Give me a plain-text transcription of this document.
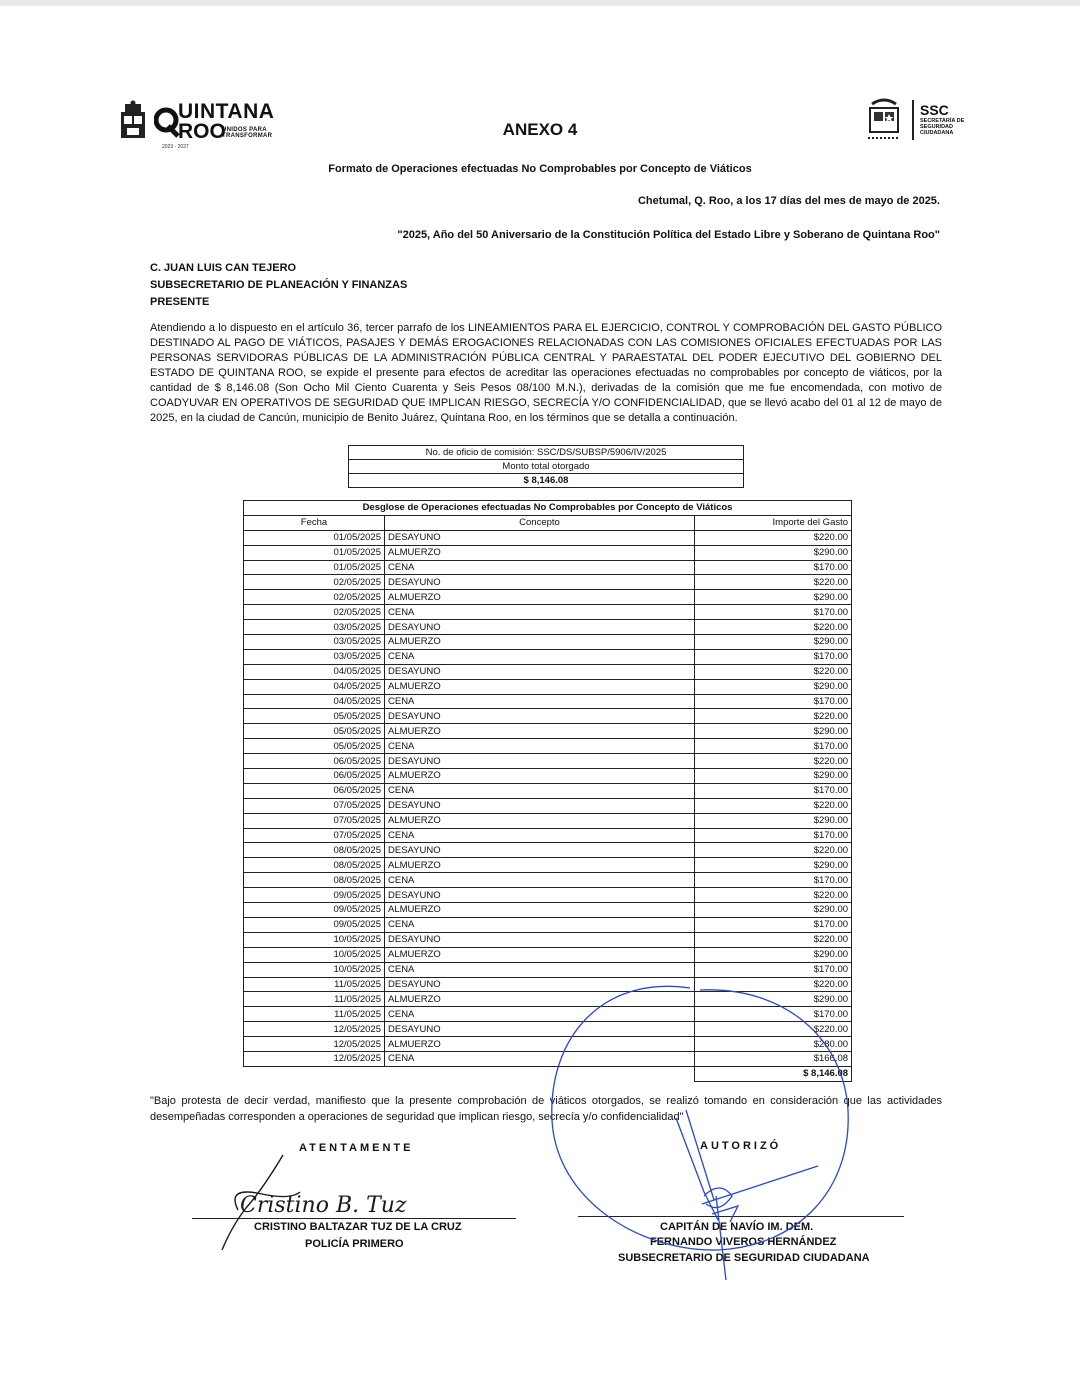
UINTANA
ROO
UNIDOS PARA TRANSFORMAR
2023 · 2027
SSC
SECRETARÍA DE SEGURIDAD CIUDADANA
ANEXO 4
Formato de Operaciones efectuadas No Comprobables por Concepto de Viáticos
Chetumal, Q. Roo, a los 17 días del mes de mayo de 2025.
"2025, Año del 50 Aniversario de la Constitución Política del Estado Libre y Soberano de Quintana Roo"
C. JUAN LUIS CAN TEJERO
SUBSECRETARIO DE PLANEACIÓN Y FINANZAS
PRESENTE
Atendiendo a lo dispuesto en el artículo 36, tercer parrafo de los LINEAMIENTOS PARA EL EJERCICIO, CONTROL Y COMPROBACIÓN DEL GASTO PÚBLICO DESTINADO AL PAGO DE VIÁTICOS, PASAJES Y DEMÁS EROGACIONES RELACIONADAS CON LAS COMISIONES OFICIALES EFECTUADAS POR LAS PERSONAS SERVIDORAS PÚBLICAS DE LA ADMINISTRACIÓN PÚBLICA CENTRAL Y PARAESTATAL DEL PODER EJECUTIVO DEL GOBIERNO DEL ESTADO DE QUINTANA ROO, se expide el presente para efectos de acreditar las operaciones efectuadas no comprobables por concepto de viáticos, por la cantidad de $ 8,146.08 (Son Ocho Mil Ciento Cuarenta y Seis Pesos 08/100 M.N.), derivadas de la comisión que me fue encomendada, con motivo de COADYUVAR EN OPERATIVOS DE SEGURIDAD QUE IMPLICAN RIESGO, SECRECÍA Y/O CONFIDENCIALIDAD, que se llevó acabo del 01 al 12 de mayo de 2025, en la ciudad de Cancún, municipio de Benito Juárez, Quintana Roo, en los términos que se detalla a continuación.
No. de oficio de comisión: SSC/DS/SUBSP/5906/IV/2025
Monto total otorgado
$ 8,146.08
Desglose de Operaciones efectuadas No Comprobables por Concepto de Viáticos		
Fecha	Concepto	Importe del Gasto
01/05/2025	DESAYUNO	$220.00
01/05/2025	ALMUERZO	$290.00
01/05/2025	CENA	$170.00
02/05/2025	DESAYUNO	$220.00
02/05/2025	ALMUERZO	$290.00
02/05/2025	CENA	$170.00
03/05/2025	DESAYUNO	$220.00
03/05/2025	ALMUERZO	$290.00
03/05/2025	CENA	$170.00
04/05/2025	DESAYUNO	$220.00
04/05/2025	ALMUERZO	$290.00
04/05/2025	CENA	$170.00
05/05/2025	DESAYUNO	$220.00
05/05/2025	ALMUERZO	$290.00
05/05/2025	CENA	$170.00
06/05/2025	DESAYUNO	$220.00
06/05/2025	ALMUERZO	$290.00
06/05/2025	CENA	$170.00
07/05/2025	DESAYUNO	$220.00
07/05/2025	ALMUERZO	$290.00
07/05/2025	CENA	$170.00
08/05/2025	DESAYUNO	$220.00
08/05/2025	ALMUERZO	$290.00
08/05/2025	CENA	$170.00
09/05/2025	DESAYUNO	$220.00
09/05/2025	ALMUERZO	$290.00
09/05/2025	CENA	$170.00
10/05/2025	DESAYUNO	$220.00
10/05/2025	ALMUERZO	$290.00
10/05/2025	CENA	$170.00
11/05/2025	DESAYUNO	$220.00
11/05/2025	ALMUERZO	$290.00
11/05/2025	CENA	$170.00
12/05/2025	DESAYUNO	$220.00
12/05/2025	ALMUERZO	$280.00
12/05/2025	CENA	$166.08
		$ 8,146.08
"Bajo protesta de decir verdad, manifiesto que la presente comprobación de viáticos otorgados, se realizó tomando en consideración que las actividades desempeñadas corresponden a operaciones de seguridad que implican riesgo, secrecía y/o confidencialidad"
ATENTAMENTE	AUTORIZÓ
CRISTINO BALTAZAR TUZ DE LA CRUZ
POLICÍA PRIMERO
CAPITÁN DE NAVÍO IM. DEM.
FERNANDO VIVEROS HERNÁNDEZ
SUBSECRETARIO DE SEGURIDAD CIUDADANA
Cristino B. Tuz
